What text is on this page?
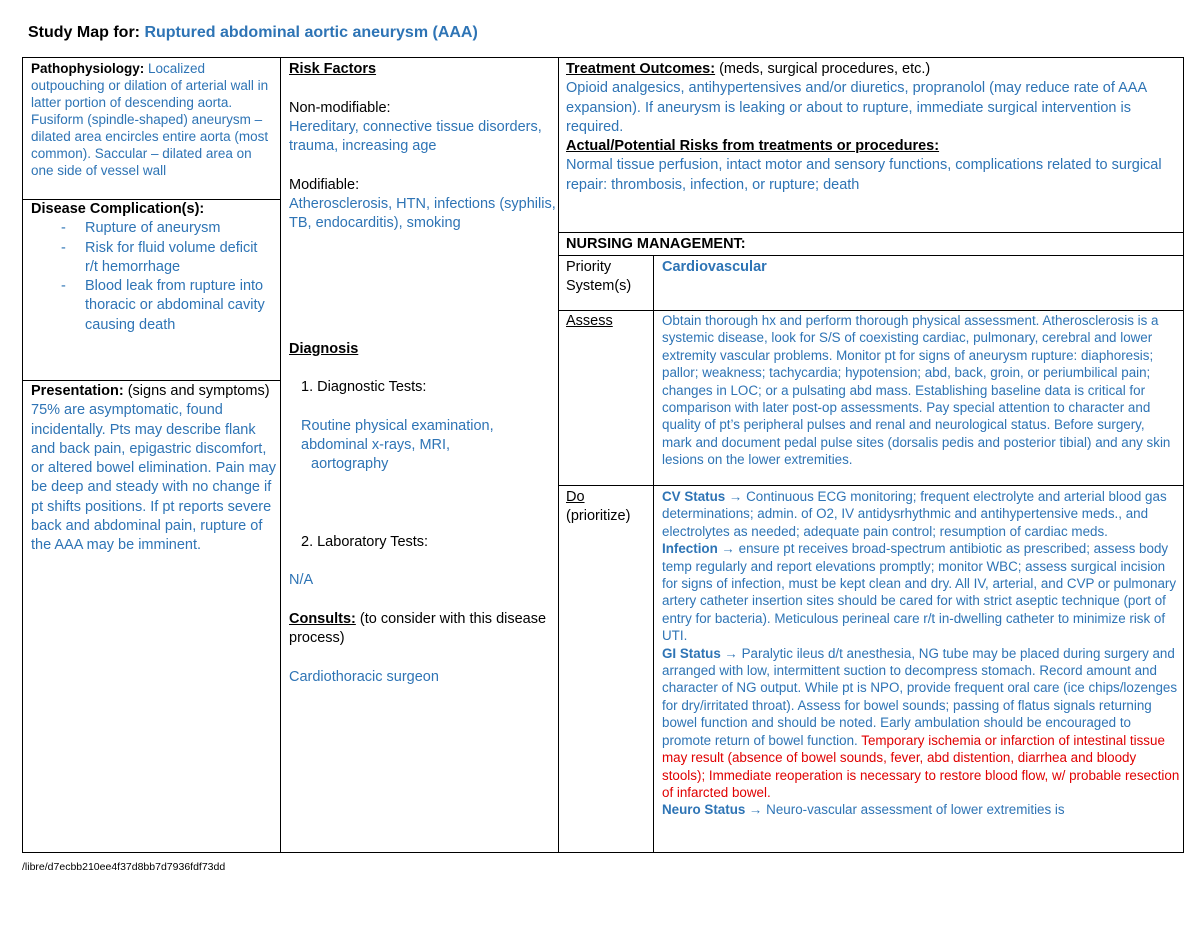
Study Map for: Ruptured abdominal aortic aneurysm (AAA)
Pathophysiology: Localized outpouching or dilation of arterial wall in latter portion of descending aorta. Fusiform (spindle-shaped) aneurysm – dilated area encircles entire aorta (most common). Saccular – dilated area on one side of vessel wall
Disease Complication(s):
- Rupture of aneurysm
- Risk for fluid volume deficit r/t hemorrhage
- Blood leak from rupture into thoracic or abdominal cavity causing death
Presentation: (signs and symptoms)
75% are asymptomatic, found incidentally. Pts may describe flank and back pain, epigastric discomfort, or altered bowel elimination. Pain may be deep and steady with no change if pt shifts positions. If pt reports severe back and abdominal pain, rupture of the AAA may be imminent.

Risk Factors

Non-modifiable:

Hereditary, connective tissue disorders, trauma, increasing age

Modifiable:

Atherosclerosis, HTN, infections (syphilis, TB, endocarditis), smoking

Diagnosis

1. Diagnostic Tests:

Routine physical examination, abdominal x-rays, MRI,

aortography

2. Laboratory Tests:

N/A

Consults: (to consider with this disease process)

Cardiothoracic surgeon

Treatment Outcomes: (meds, surgical procedures, etc.)
Opioid analgesics, antihypertensives and/or diuretics, propranolol (may reduce rate of AAA expansion). If aneurysm is leaking or about to rupture, immediate surgical intervention is required.
Actual/Potential Risks from treatments or procedures:
Normal tissue perfusion, intact motor and sensory functions, complications related to surgical repair: thrombosis, infection, or rupture; death
NURSING MANAGEMENT:
Priority System(s)
Cardiovascular
Assess	Obtain thorough hx and perform thorough physical assessment. Atherosclerosis is a systemic disease, look for S/S of coexisting cardiac, pulmonary, cerebral and lower extremity vascular problems. Monitor pt for signs of aneurysm rupture: diaphoresis; pallor; weakness; tachycardia; hypotension; abd, back, groin, or periumbilical pain; changes in LOC; or a pulsating abd mass. Establishing baseline data is critical for comparison with later post-op assessments. Pay special attention to character and quality of pt’s peripheral pulses and renal and neurological status. Before surgery, mark and document pedal pulse sites (dorsalis pedis and posterior tibial) and any skin lesions on the lower extremities.
Do
(prioritize)
CV Status → Continuous ECG monitoring; frequent electrolyte and arterial blood gas determinations; admin. of O2, IV antidysrhythmic and antihypertensive meds., and electrolytes as needed; adequate pain control; resumption of cardiac meds.
Infection → ensure pt receives broad-spectrum antibiotic as prescribed; assess body temp regularly and report elevations promptly; monitor WBC; assess surgical incision for signs of infection, must be kept clean and dry. All IV, arterial, and CVP or pulmonary artery catheter insertion sites should be cared for with strict aseptic technique (port of entry for bacteria). Meticulous perineal care r/t in-dwelling catheter to minimize risk of UTI.
GI Status → Paralytic ileus d/t anesthesia, NG tube may be placed during surgery and arranged with low, intermittent suction to decompress stomach. Record amount and character of NG output. While pt is NPO, provide frequent oral care (ice chips/lozenges for dry/irritated throat). Assess for bowel sounds; passing of flatus signals returning bowel function and should be noted. Early ambulation should be encouraged to promote return of bowel function. Temporary ischemia or infarction of intestinal tissue may result (absence of bowel sounds, fever, abd distention, diarrhea and bloody stools); Immediate reoperation is necessary to restore blood flow, w/ probable resection of infarcted bowel.
Neuro Status → Neuro-vascular assessment of lower extremities is
/libre/d7ecbb210ee4f37d8bb7d7936fdf73dd
